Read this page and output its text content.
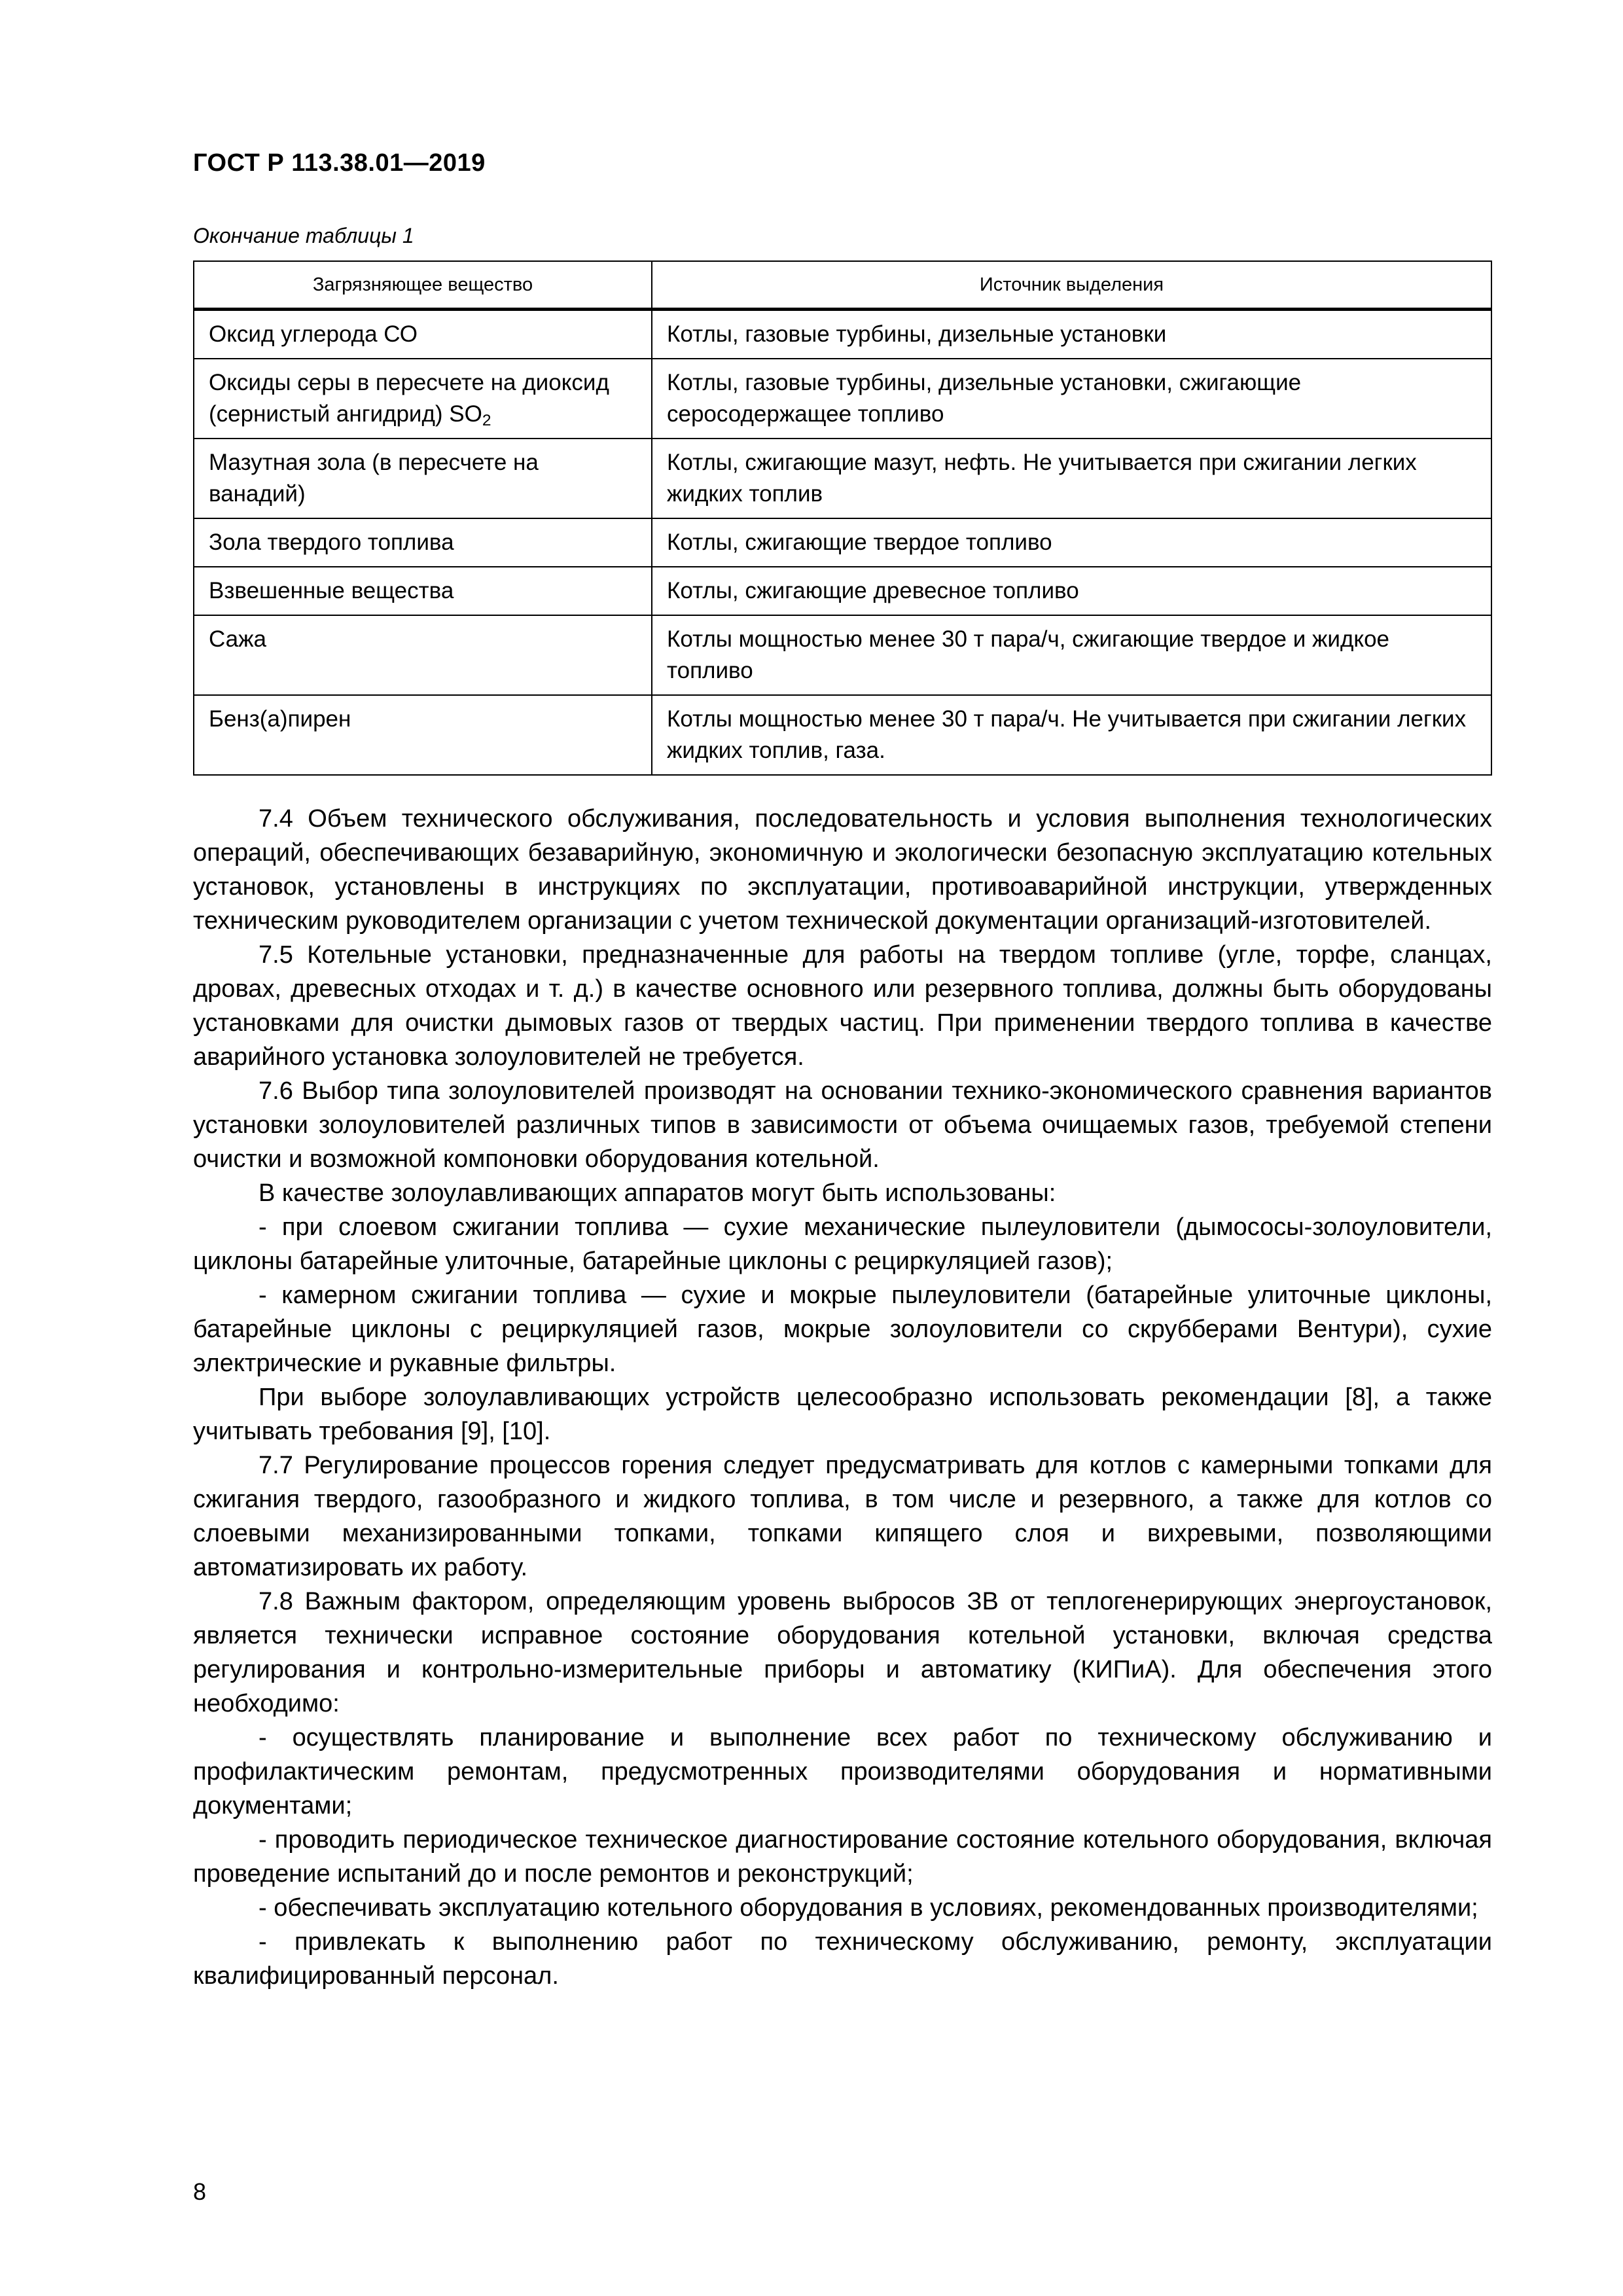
ГОСТ Р 113.38.01—2019
Окончание таблицы 1
Загрязняющее вещество	Источник выделения
Оксид углерода СО	Котлы, газовые турбины, дизельные установки
Оксиды серы в пересчете на диоксид (сернистый ангидрид) $SO_2$	Котлы, газовые турбины, дизельные установки, сжигающие серосодержащее топливо
Мазутная зола (в пересчете на ванадий)	Котлы, сжигающие мазут, нефть. Не учитывается при сжигании легких жидких топлив
Зола твердого топлива	Котлы, сжигающие твердое топливо
Взвешенные вещества	Котлы, сжигающие древесное топливо
Сажа	Котлы мощностью менее 30 т пара/ч, сжигающие твердое и жидкое топливо
Бенз(а)пирен	Котлы мощностью менее 30 т пара/ч. Не учитывается при сжигании легких жидких топлив, газа.

7.4 Объем технического обслуживания, последовательность и условия выполнения технологических операций, обеспечивающих безаварийную, экономичную и экологически безопасную эксплуатацию котельных установок, установлены в инструкциях по эксплуатации, противоаварийной инструкции, утвержденных техническим руководителем организации с учетом технической документации организаций-изготовителей.

7.5 Котельные установки, предназначенные для работы на твердом топливе (угле, торфе, сланцах, дровах, древесных отходах и т. д.) в качестве основного или резервного топлива, должны быть оборудованы установками для очистки дымовых газов от твердых частиц. При применении твердого топлива в качестве аварийного установка золоуловителей не требуется.

7.6 Выбор типа золоуловителей производят на основании технико-экономического сравнения вариантов установки золоуловителей различных типов в зависимости от объема очищаемых газов, требуемой степени очистки и возможной компоновки оборудования котельной.

В качестве золоулавливающих аппаратов могут быть использованы:

- при слоевом сжигании топлива — сухие механические пылеуловители (дымососы-золоуловители, циклоны батарейные улиточные, батарейные циклоны с рециркуляцией газов);

- камерном сжигании топлива — сухие и мокрые пылеуловители (батарейные улиточные циклоны, батарейные циклоны с рециркуляцией газов, мокрые золоуловители со скрубберами Вентури), сухие электрические и рукавные фильтры.

При выборе золоулавливающих устройств целесообразно использовать рекомендации [8], а также учитывать требования [9], [10].

7.7 Регулирование процессов горения следует предусматривать для котлов с камерными топками для сжигания твердого, газообразного и жидкого топлива, в том числе и резервного, а также для котлов со слоевыми механизированными топками, топками кипящего слоя и вихревыми, позволяющими автоматизировать их работу.

7.8 Важным фактором, определяющим уровень выбросов ЗВ от теплогенерирующих энергоустановок, является технически исправное состояние оборудования котельной установки, включая средства регулирования и контрольно-измерительные приборы и автоматику (КИПиА). Для обеспечения этого необходимо:

- осуществлять планирование и выполнение всех работ по техническому обслуживанию и профилактическим ремонтам, предусмотренных производителями оборудования и нормативными документами;

- проводить периодическое техническое диагностирование состояние котельного оборудования, включая проведение испытаний до и после ремонтов и реконструкций;

- обеспечивать эксплуатацию котельного оборудования в условиях, рекомендованных производителями;

- привлекать к выполнению работ по техническому обслуживанию, ремонту, эксплуатации квалифицированный персонал.

8
